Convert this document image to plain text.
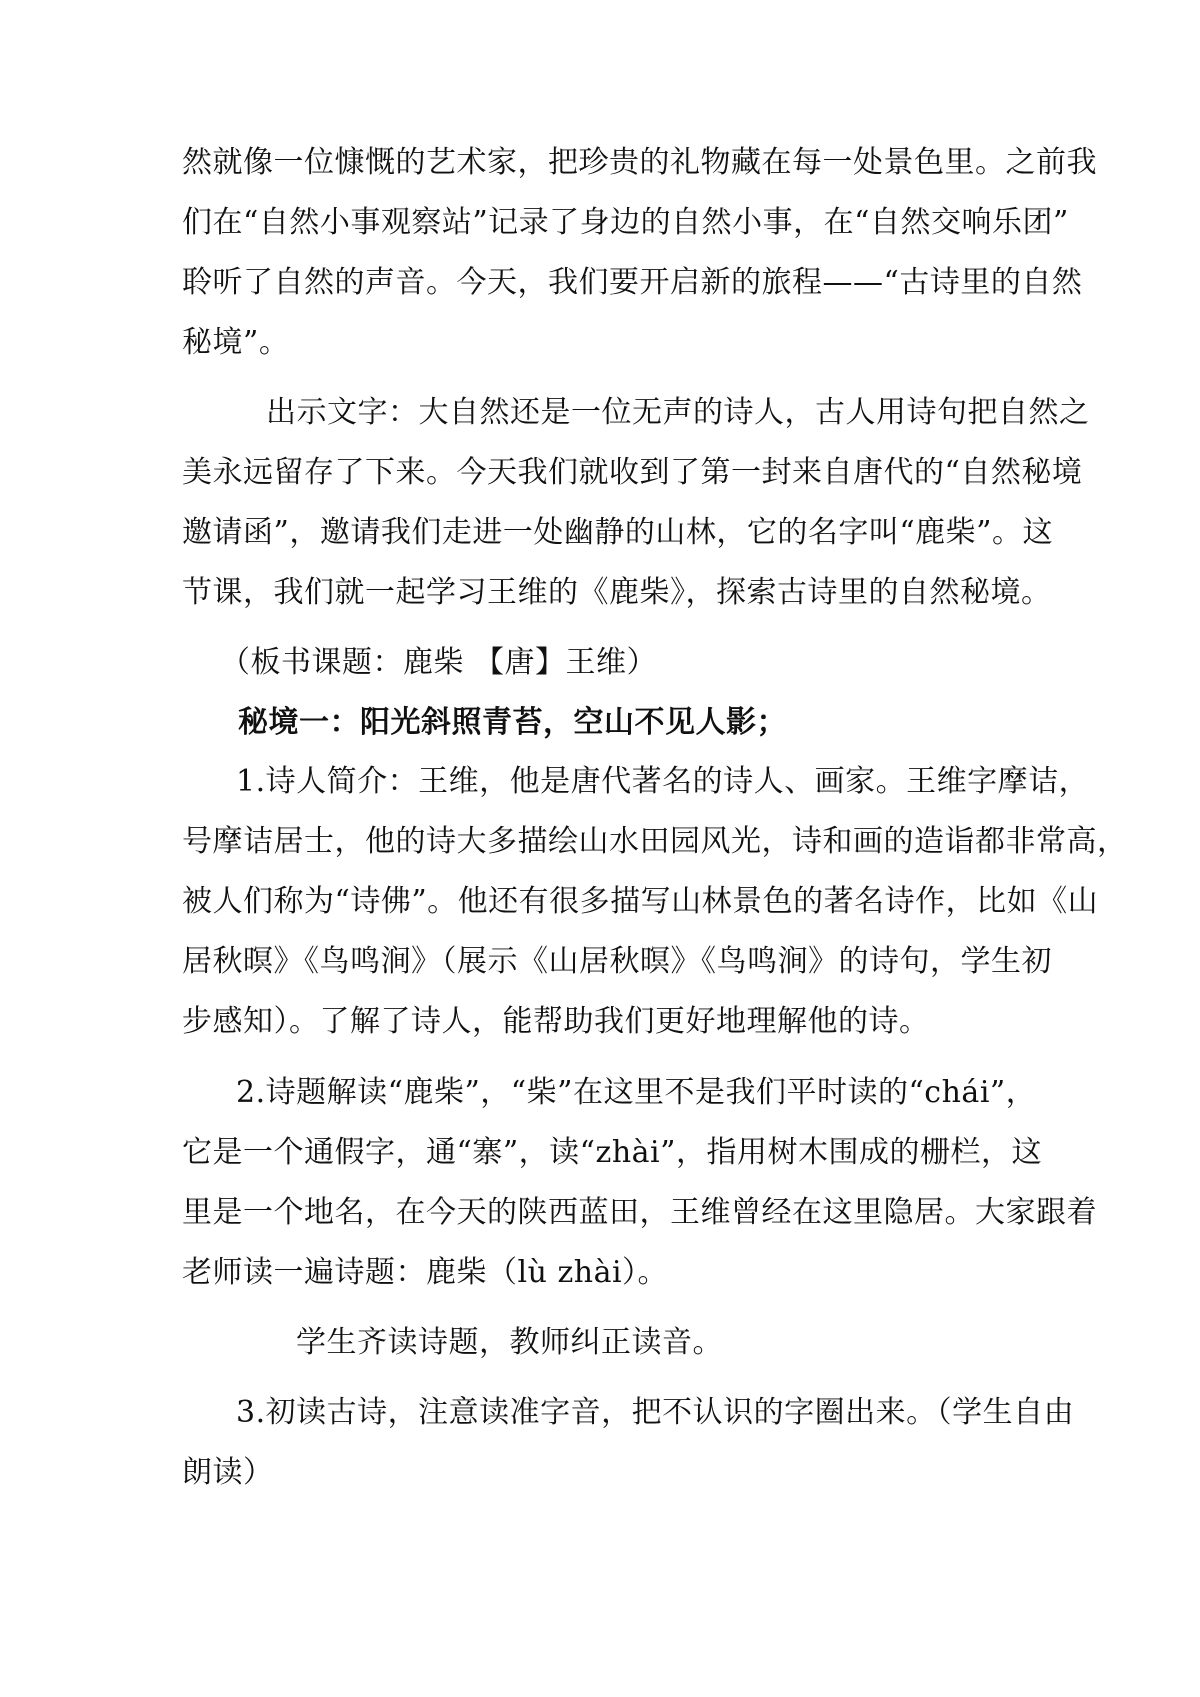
然就像一位慷慨的艺术家，把珍贵的礼物藏在每一处景色里。之前我
们在“自然小事观察站”记录了身边的自然小事，在“自然交响乐团”
聆听了自然的声音。今天，我们要开启新的旅程——“古诗里的自然
秘境”。
出示文字：大自然还是一位无声的诗人，古人用诗句把自然之
美永远留存了下来。今天我们就收到了第一封来自唐代的“自然秘境
邀请函”，邀请我们走进一处幽静的山林，它的名字叫“鹿柴”。这
节课，我们就一起学习王维的《鹿柴》，探索古诗里的自然秘境。
（板书课题：鹿柴 【唐】王维）
秘境一：阳光斜照青苔，空山不见人影；
1.诗人简介：王维，他是唐代著名的诗人、画家。王维字摩诘，
号摩诘居士，他的诗大多描绘山水田园风光，诗和画的造诣都非常高，
被人们称为“诗佛”。他还有很多描写山林景色的著名诗作，比如《山
居秋暝》《鸟鸣涧》（展示《山居秋暝》《鸟鸣涧》的诗句，学生初
步感知）。了解了诗人，能帮助我们更好地理解他的诗。
2.诗题解读“鹿柴”，“柴”在这里不是我们平时读的“chái”，
它是一个通假字，通“寨”，读“zhài”，指用树木围成的栅栏，这
里是一个地名，在今天的陕西蓝田，王维曾经在这里隐居。大家跟着
老师读一遍诗题：鹿柴（lù zhài）。
学生齐读诗题，教师纠正读音。
3.初读古诗，注意读准字音，把不认识的字圈出来。（学生自由
朗读）
